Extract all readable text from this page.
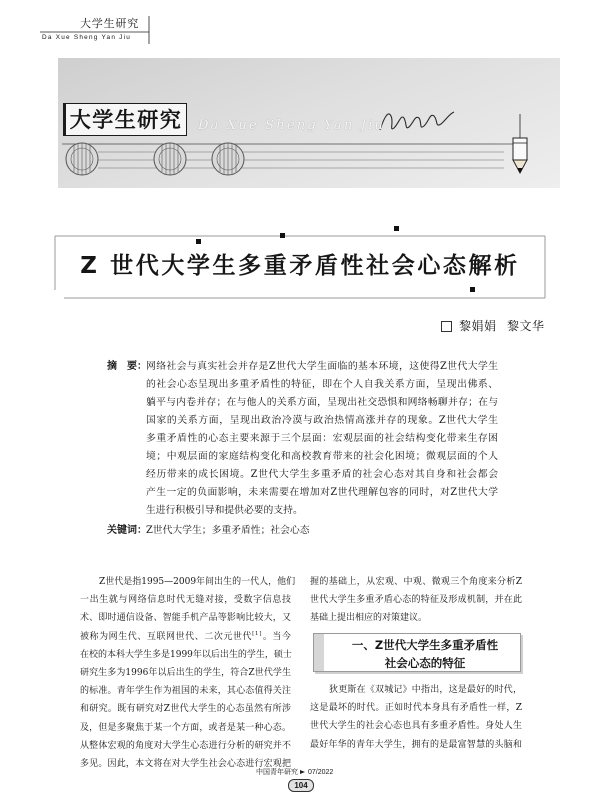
大学生研究
Da Xue Sheng Yan Jiu
Da Xue Sheng Yan Jiu
大学生研究
Z 世代大学生多重矛盾性社会心态解析
黎娟娟 黎文华
摘　要： 网络社会与真实社会并存是Z世代大学生面临的基本环境，这使得Z世代大学生
的社会心态呈现出多重矛盾性的特征，即在个人自我关系方面，呈现出佛系、
躺平与内卷并存；在与他人的关系方面，呈现出社交恐惧和网络畅聊并存；在与
国家的关系方面，呈现出政治冷漠与政治热情高涨并存的现象。Z世代大学生
多重矛盾性的心态主要来源于三个层面：宏观层面的社会结构变化带来生存困
境；中观层面的家庭结构变化和高校教育带来的社会化困境；微观层面的个人
经历带来的成长困境。Z世代大学生多重矛盾的社会心态对其自身和社会都会
产生一定的负面影响，未来需要在增加对Z世代理解包容的同时，对Z世代大学
生进行积极引导和提供必要的支持。
关键词： Z世代大学生；多重矛盾性；社会心态
Z世代是指1995—2009年间出生的一代人，他们
一出生就与网络信息时代无缝对接，受数字信息技
术、即时通信设备、智能手机产品等影响比较大，又
被称为网生代、互联网世代、二次元世代[1]。当今
在校的本科大学生多是1999年以后出生的学生，硕士
研究生多为1996年以后出生的学生，符合Z世代学生
的标准。青年学生作为祖国的未来，其心态值得关注
和研究。既有研究对Z世代大学生的心态虽然有所涉
及，但是多聚焦于某一个方面，或者是某一种心态。
从整体宏观的角度对大学生心态进行分析的研究并不
多见。因此，本文将在对大学生社会心态进行宏观把
握的基础上，从宏观、中观、微观三个角度来分析Z
世代大学生多重矛盾心态的特征及形成机制，并在此
基础上提出相应的对策建议。
一、Z世代大学生多重矛盾性
社会心态的特征
狄更斯在《双城记》中指出，这是最好的时代，
这是最坏的时代。正如时代本身具有矛盾性一样，Z
世代大学生的社会心态也具有多重矛盾性。身处人生
最好年华的青年大学生，拥有的是最富智慧的头脑和
中国青年研究 07/2022
104
